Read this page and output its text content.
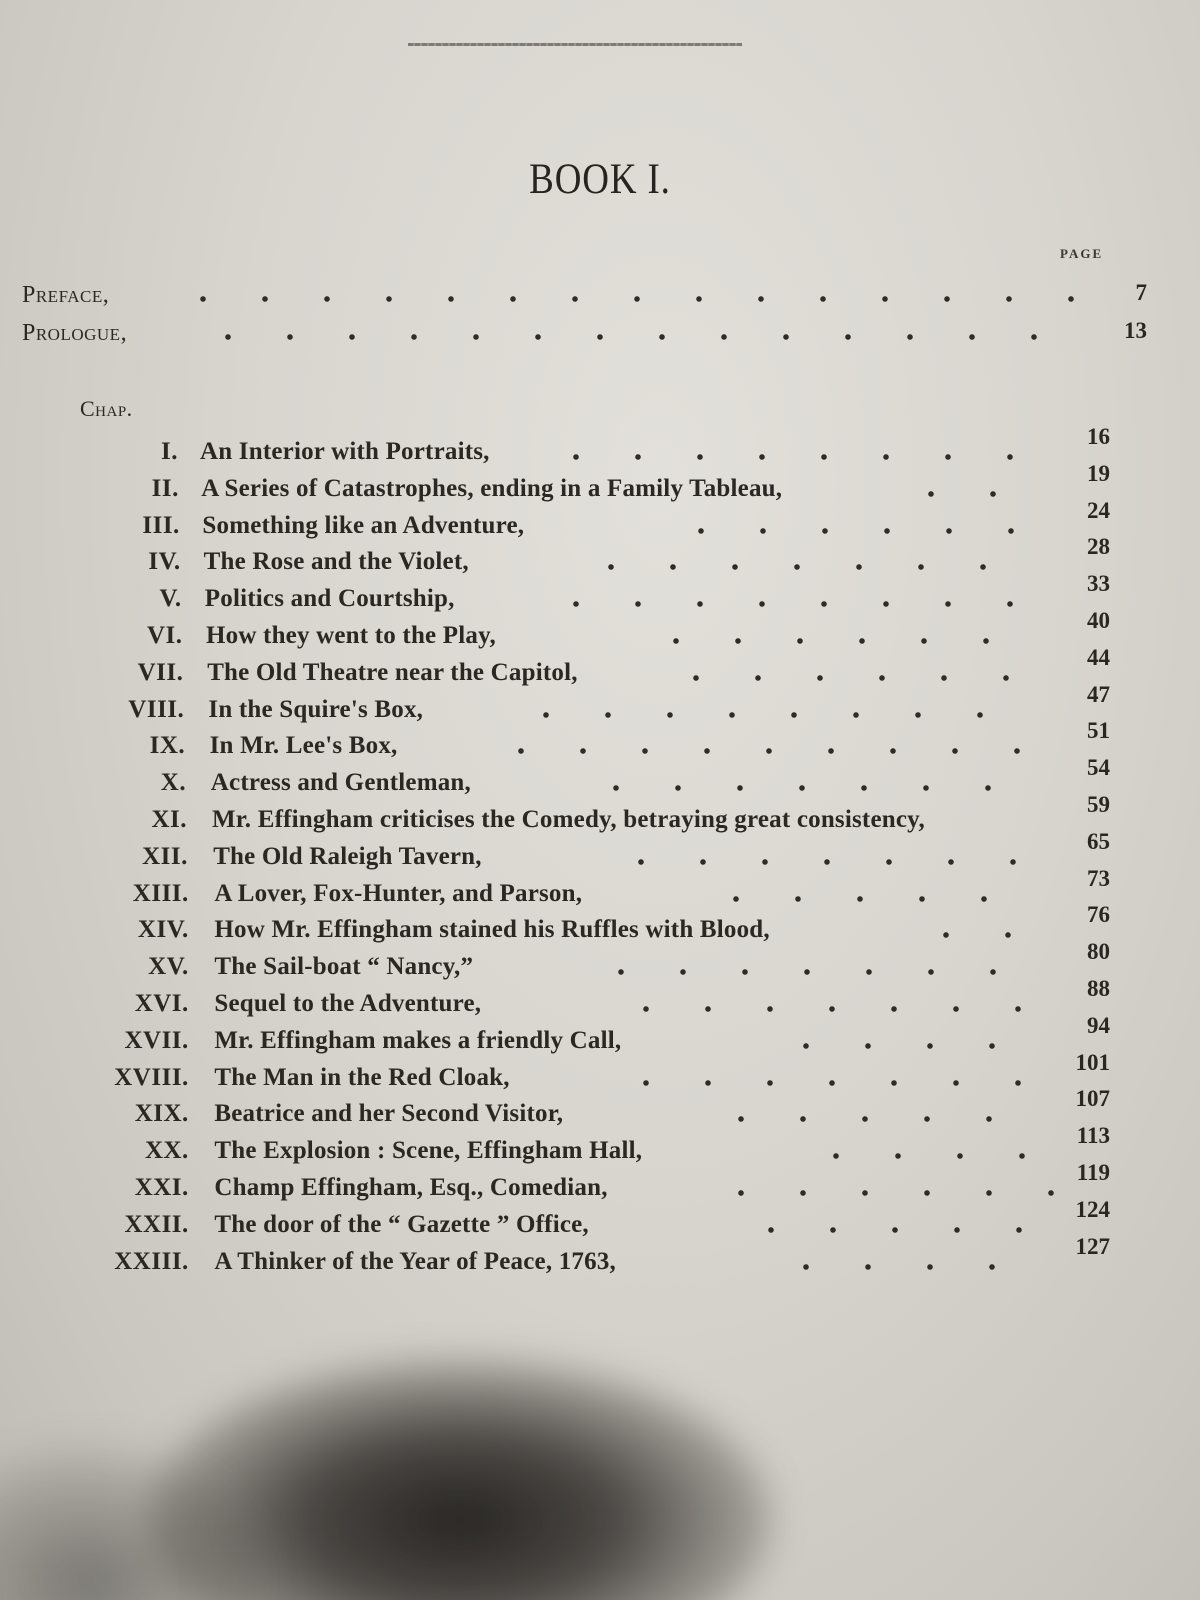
BOOK I.
PAGE
Preface,	7
Prologue,	13
Chap.
I. An Interior with Portraits,
16
II. A Series of Catastrophes, ending in a Family Tableau,
19
III. Something like an Adventure,
24
IV. The Rose and the Violet,
28
V. Politics and Courtship,
33
VI. How they went to the Play,
40
VII. The Old Theatre near the Capitol,
44
VIII. In the Squire's Box,
47
IX. In Mr. Lee's Box,
51
X. Actress and Gentleman,
54
XI. Mr. Effingham criticises the Comedy, betraying great consistency,
59
XII. The Old Raleigh Tavern,
65
XIII. A Lover, Fox-Hunter, and Parson,
73
XIV. How Mr. Effingham stained his Ruffles with Blood,
76
XV. The Sail-boat “ Nancy,”
80
XVI. Sequel to the Adventure,
88
XVII. Mr. Effingham makes a friendly Call,
94
XVIII. The Man in the Red Cloak,
101
XIX. Beatrice and her Second Visitor,
107
XX. The Explosion : Scene, Effingham Hall,
113
XXI. Champ Effingham, Esq., Comedian,
119
XXII. The door of the “ Gazette ” Office,
124
XXIII. A Thinker of the Year of Peace, 1763,
127
